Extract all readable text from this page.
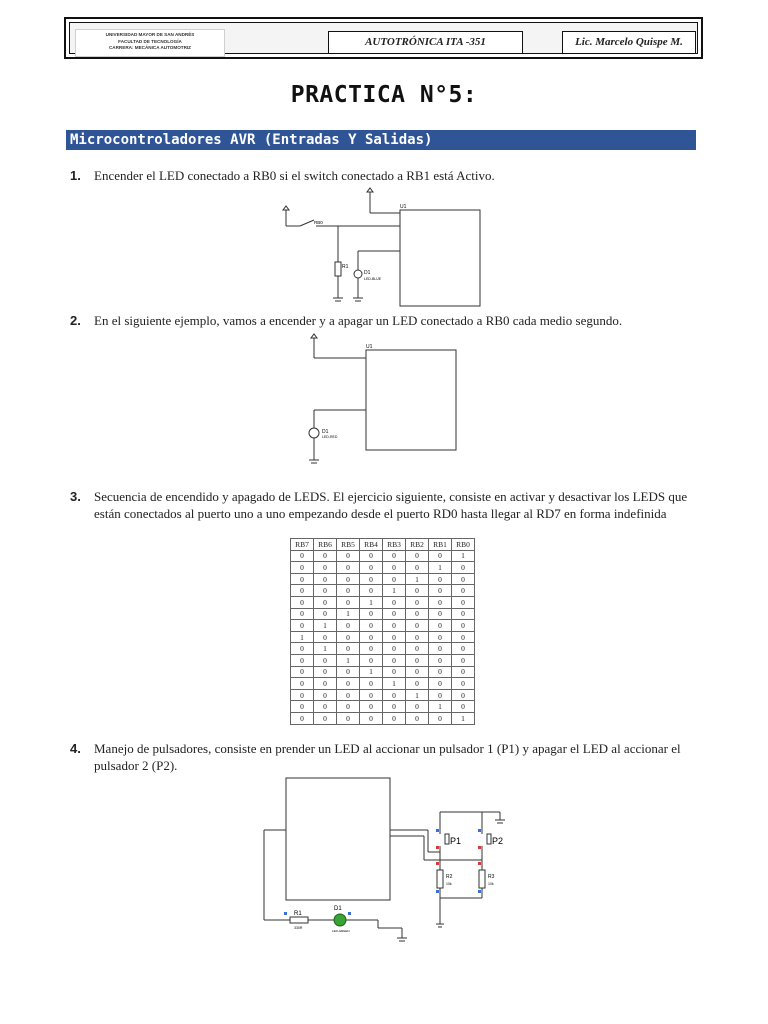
UNIVERSIDAD MAYOR DE SAN ANDRÉS
FACULTAD DE TECNOLOGÍA
CARRERA: MECÁNICA AUTOMOTRIZ	AUTOTRÓNICA ITA -351	Lic. Marcelo Quispe M.
PRACTICA N°5:
Microcontroladores AVR (Entradas Y Salidas)
1. Encender el LED conectado a RB0 si el switch conectado a RB1 está Activo.
U1
RB0
R1
D1
LED-BLUE
2. En el siguiente ejemplo, vamos a encender y a apagar un LED conectado a RB0 cada medio segundo.
U1
D1
LED-RED
3. Secuencia de encendido y apagado de LEDS. El ejercicio siguiente, consiste en activar y desactivar los LEDS que están conectados al puerto uno a uno empezando desde el puerto RD0 hasta llegar al RD7 en forma indefinida
RB7	RB6	RB5	RB4	RB3	RB2	RB1	RB0
0	0	0	0	0	0	0	1
0	0	0	0	0	0	1	0
0	0	0	0	0	1	0	0
0	0	0	0	1	0	0	0
0	0	0	1	0	0	0	0
0	0	1	0	0	0	0	0
0	1	0	0	0	0	0	0
1	0	0	0	0	0	0	0
0	1	0	0	0	0	0	0
0	0	1	0	0	0	0	0
0	0	0	1	0	0	0	0
0	0	0	0	1	0	0	0
0	0	0	0	0	1	0	0
0	0	0	0	0	0	1	0
0	0	0	0	0	0	0	1
4. Manejo de pulsadores, consiste en prender un LED al accionar un pulsador 1 (P1) y apagar el LED al accionar el pulsador 2 (P2).
R1
330R
D1
LED-GREEN
P1	P2
R2
10k
R3
10k
